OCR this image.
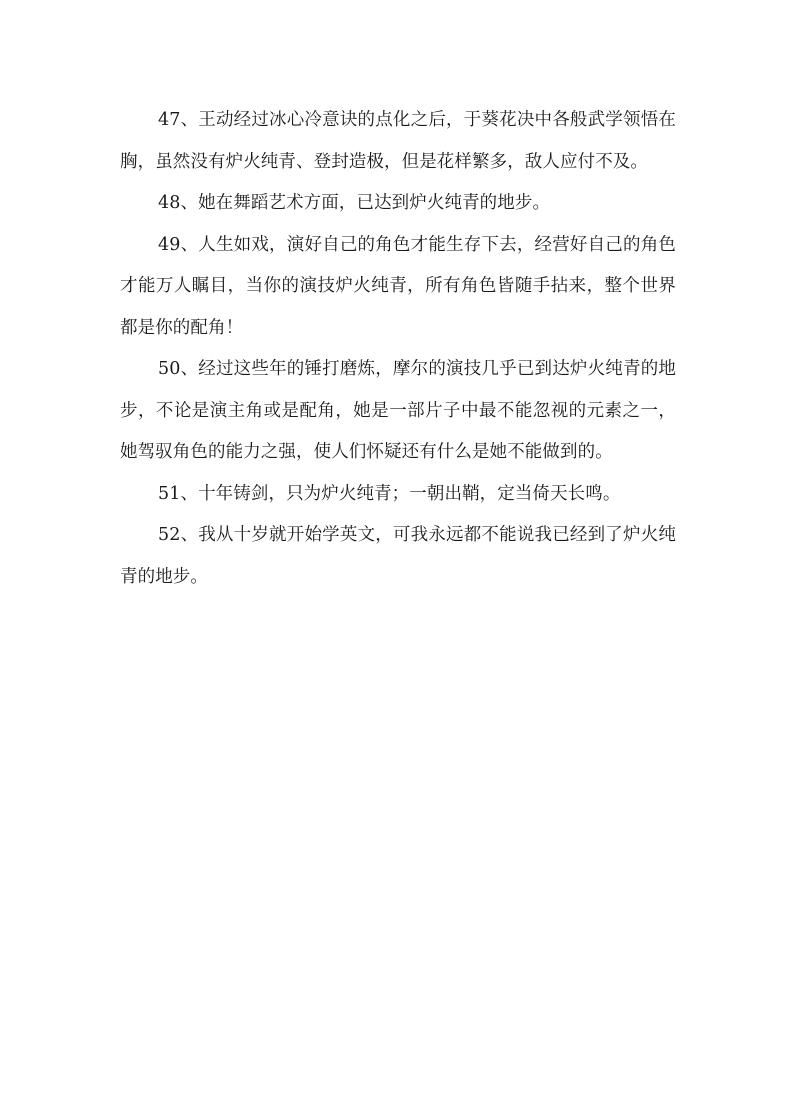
47、王动经过冰心冷意诀的点化之后，于葵花决中各般武学领悟在胸，虽然没有炉火纯青、登封造极，但是花样繁多，敌人应付不及。

48、她在舞蹈艺术方面，已达到炉火纯青的地步。

49、人生如戏，演好自己的角色才能生存下去，经营好自己的角色才能万人瞩目，当你的演技炉火纯青，所有角色皆随手拈来，整个世界都是你的配角！

50、经过这些年的锤打磨炼，摩尔的演技几乎已到达炉火纯青的地步，不论是演主角或是配角，她是一部片子中最不能忽视的元素之一，她驾驭角色的能力之强，使人们怀疑还有什么是她不能做到的。

51、十年铸剑，只为炉火纯青；一朝出鞘，定当倚天长鸣。

52、我从十岁就开始学英文，可我永远都不能说我已经到了炉火纯青的地步。
